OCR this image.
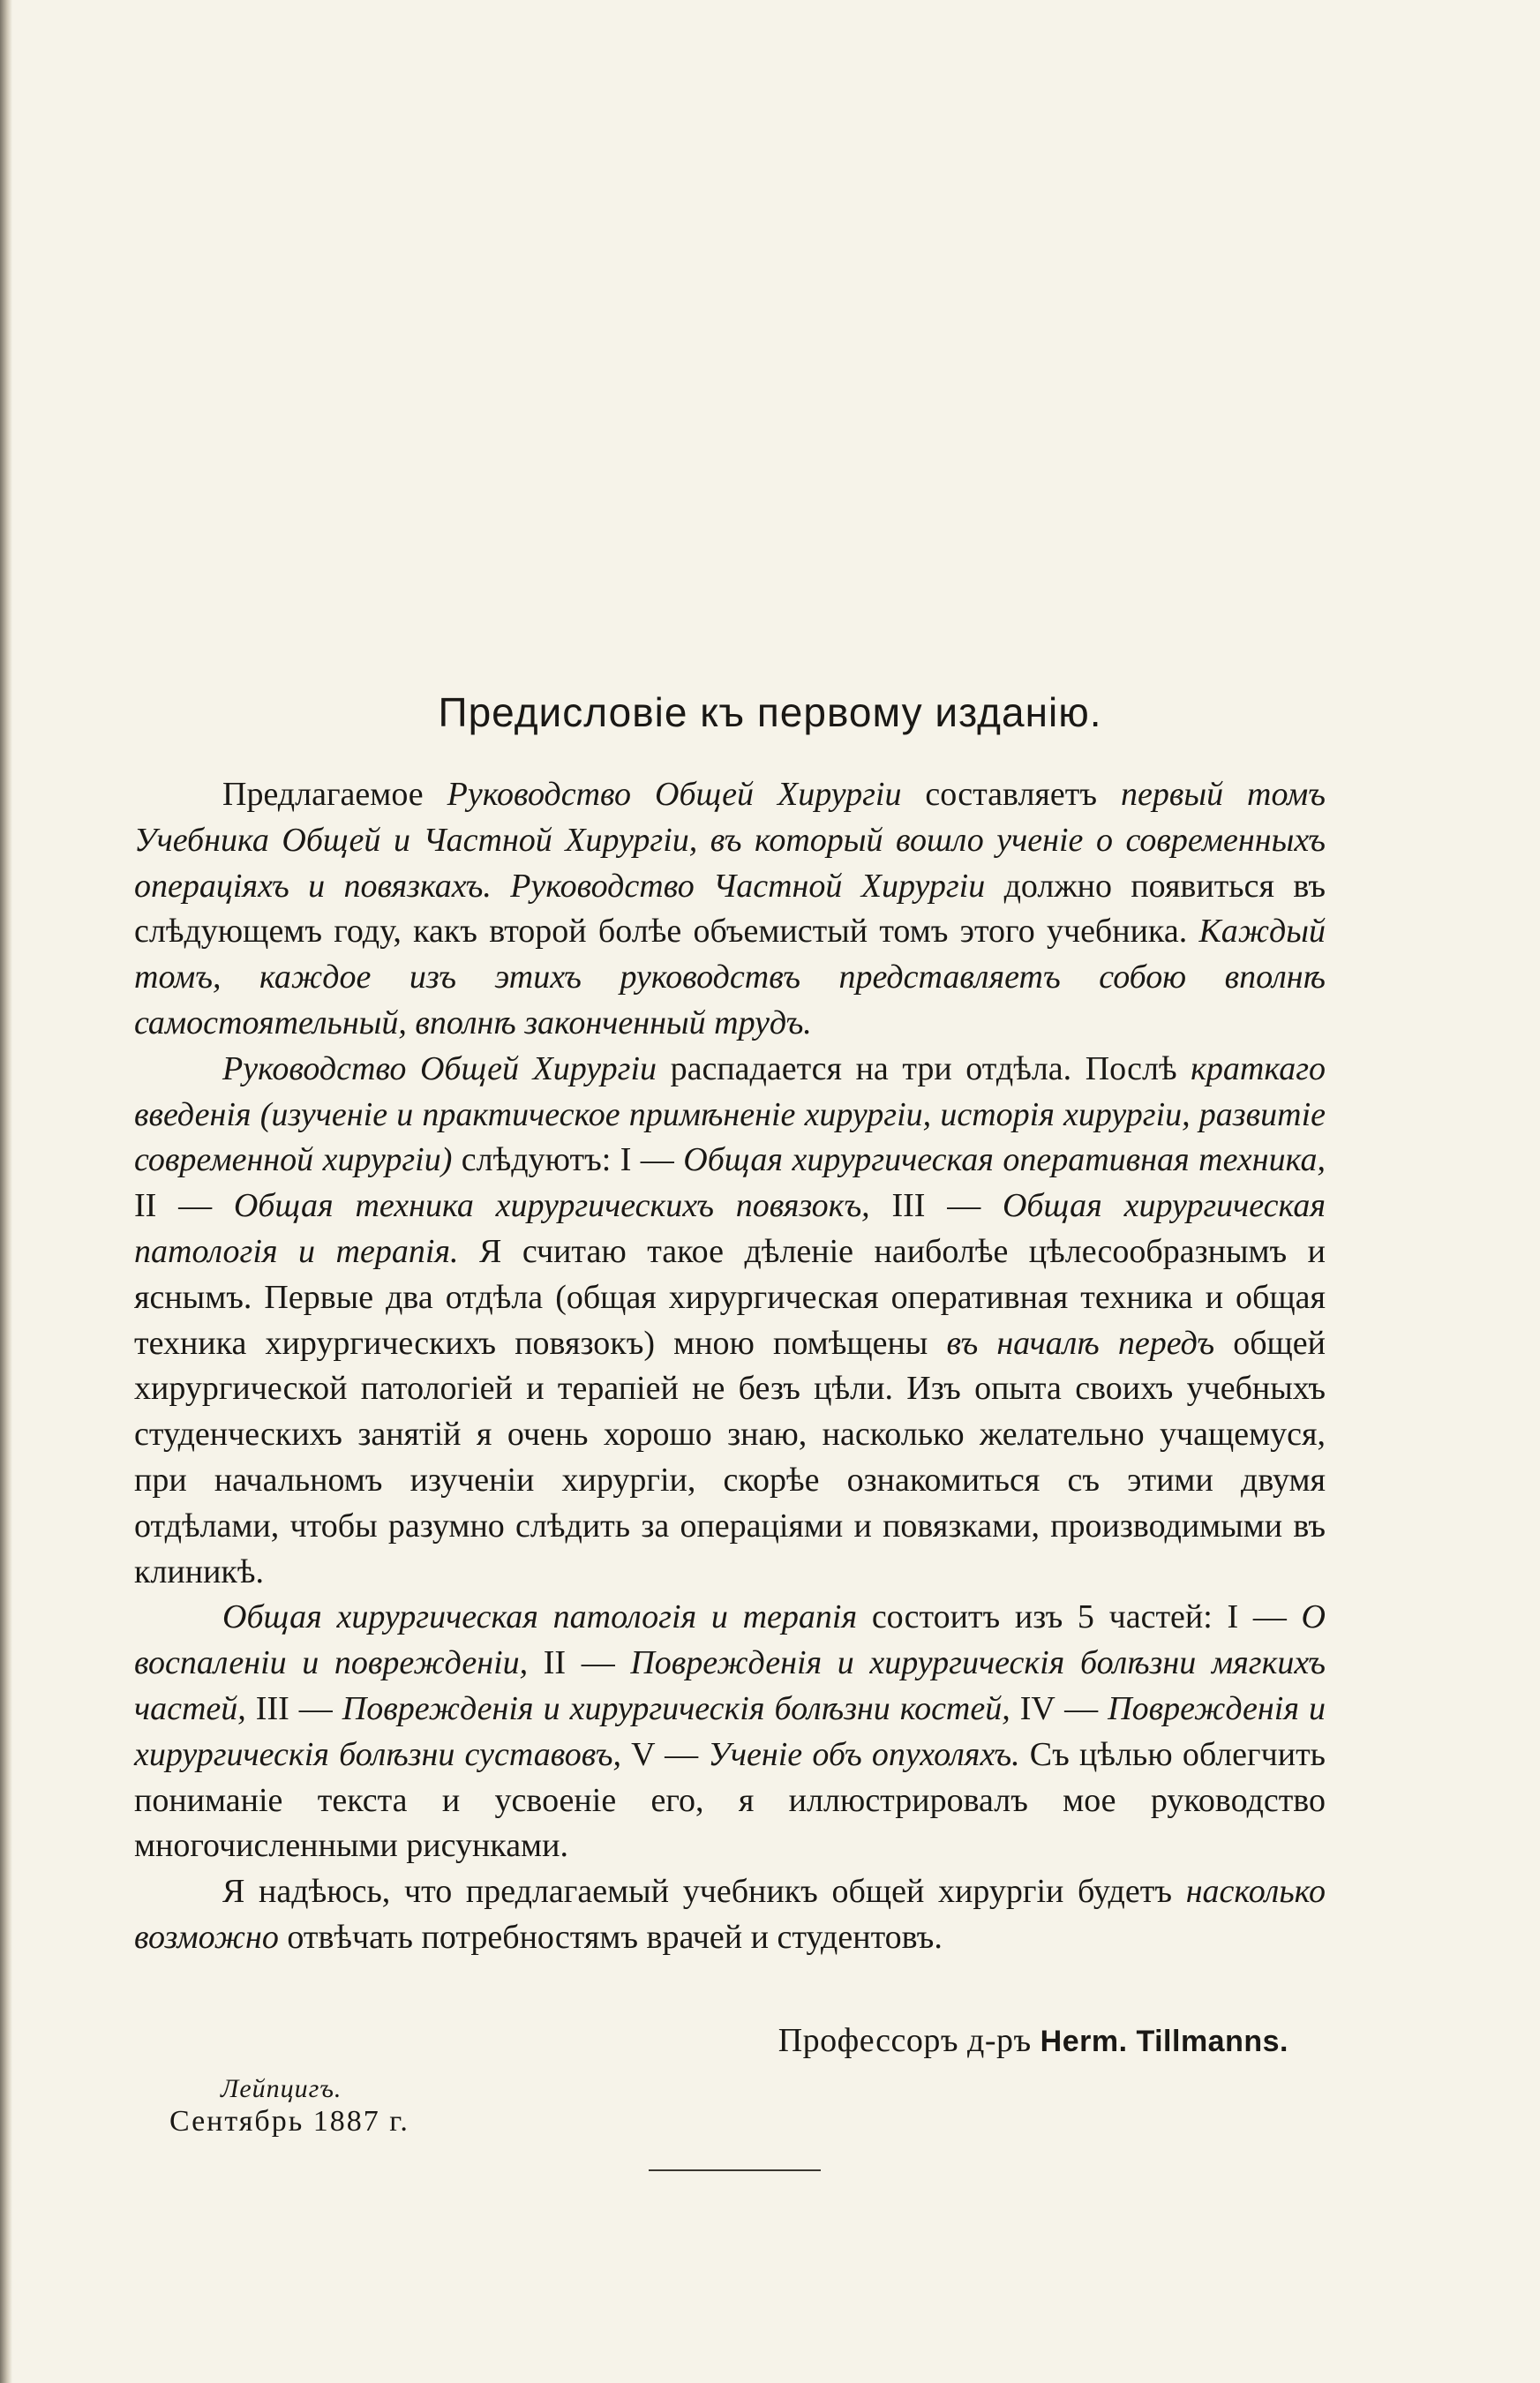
Предисловіе къ первому изданію.

Предлагаемое Руководство Общей Хирургіи составляетъ первый томъ Учебника Общей и Частной Хирургіи, въ который вошло ученіе о современныхъ операціяхъ и повязкахъ. Руководство Частной Хирургіи должно появиться въ слѣдующемъ году, какъ второй болѣе объемистый томъ этого учебника. Каждый томъ, каждое изъ этихъ руководствъ представляетъ собою вполнѣ самостоятельный, вполнѣ законченный трудъ.

Руководство Общей Хирургіи распадается на три отдѣла. Послѣ краткаго введенія (изученіе и практическое примѣненіе хирургіи, исторія хирургіи, развитіе современной хирургіи) слѣдуютъ: I — Общая хирургическая оперативная техника, II — Общая техника хирургическихъ повязокъ, III — Общая хирургическая патологія и терапія. Я считаю такое дѣленіе наиболѣе цѣлесообразнымъ и яснымъ. Первые два отдѣла (общая хирургическая оперативная техника и общая техника хирургическихъ повязокъ) мною помѣщены въ началѣ передъ общей хирургической патологіей и терапіей не безъ цѣли. Изъ опыта своихъ учебныхъ студенческихъ занятій я очень хорошо знаю, насколько желательно учащемуся, при начальномъ изученіи хирургіи, скорѣе ознакомиться съ этими двумя отдѣлами, чтобы разумно слѣдить за операціями и повязками, производимыми въ клиникѣ.

Общая хирургическая патологія и терапія состоитъ изъ 5 частей: I — О воспаленіи и поврежденіи, II — Поврежденія и хирургическія болѣзни мягкихъ частей, III — Поврежденія и хирургическія болѣзни костей, IV — Поврежденія и хирургическія болѣзни суставовъ, V — Ученіе объ опухоляхъ. Съ цѣлью облегчить пониманіе текста и усвоеніе его, я иллюстрировалъ мое руководство многочисленными рисунками.

Я надѣюсь, что предлагаемый учебникъ общей хирургіи будетъ насколько возможно отвѣчать потребностямъ врачей и студентовъ.

Профессоръ д-ръ Herm. Tillmanns.
Лейпцигъ.
Сентябрь 1887 г.
